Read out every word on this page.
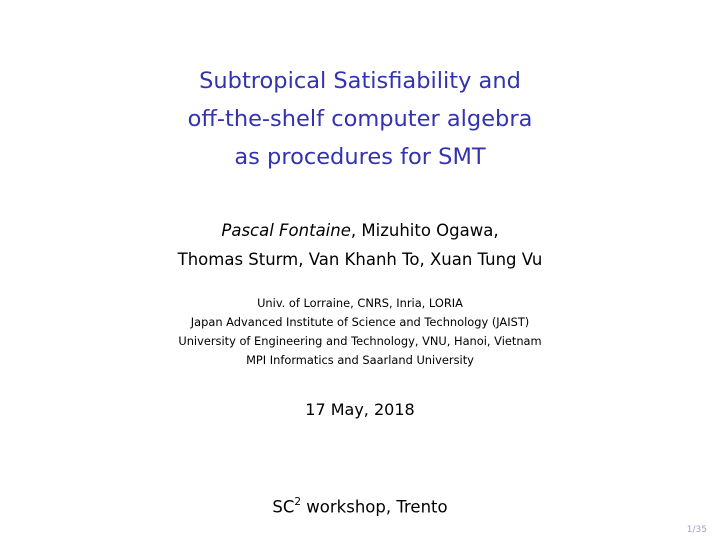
Subtropical Satisfiability and
off-the-shelf computer algebra
as procedures for SMT
Pascal Fontaine, Mizuhito Ogawa,
Thomas Sturm, Van Khanh To, Xuan Tung Vu
Univ. of Lorraine, CNRS, Inria, LORIA
Japan Advanced Institute of Science and Technology (JAIST)
University of Engineering and Technology, VNU, Hanoi, Vietnam
MPI Informatics and Saarland University
17 May, 2018
$SC^2$ workshop, Trento
1/35
